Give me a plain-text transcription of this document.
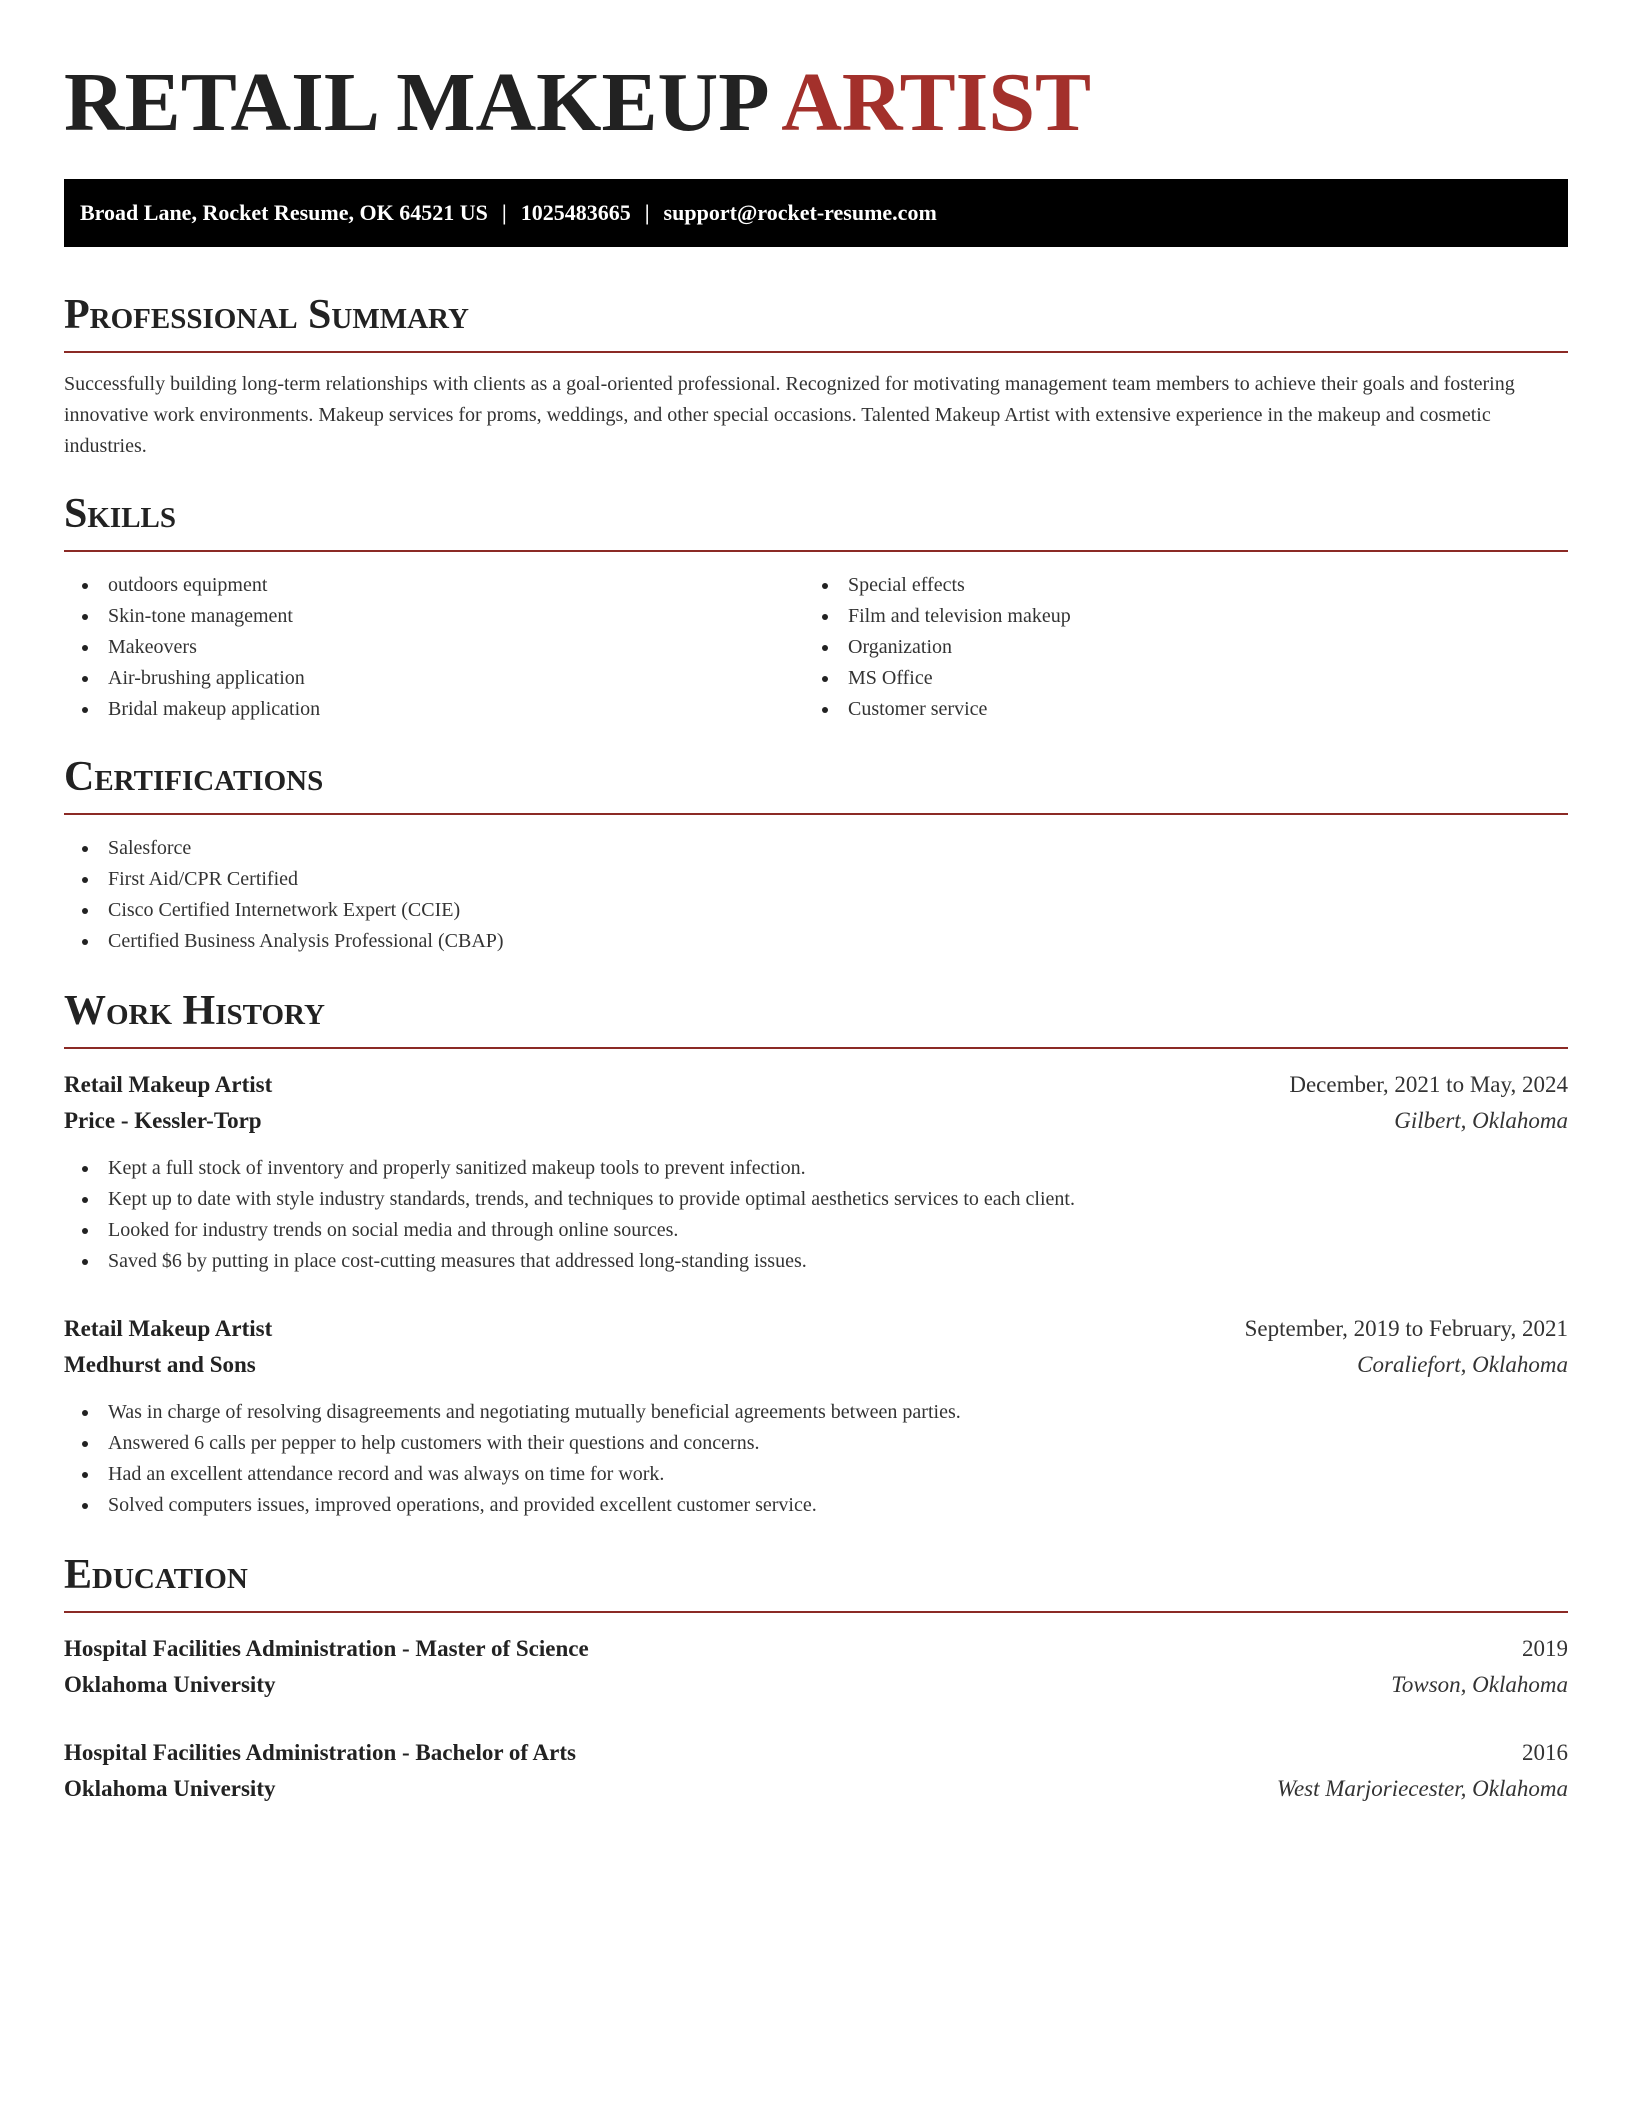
RETAIL MAKEUP ARTIST
Broad Lane, Rocket Resume, OK 64521 US | 1025483665 | support@rocket-resume.com
Professional Summary

Successfully building long-term relationships with clients as a goal-oriented professional. Recognized for motivating management team members to achieve their goals and fostering innovative work environments. Makeup services for proms, weddings, and other special occasions. Talented Makeup Artist with extensive experience in the makeup and cosmetic industries.

Skills
outdoors equipment
Skin-tone management
Makeovers
Air-brushing application
Bridal makeup application
Special effects
Film and television makeup
Organization
MS Office
Customer service
Certifications
Salesforce
First Aid/CPR Certified
Cisco Certified Internetwork Expert (CCIE)
Certified Business Analysis Professional (CBAP)
Work History
Retail Makeup Artist	December, 2021 to May, 2024
Price - Kessler-Torp	Gilbert, Oklahoma
Kept a full stock of inventory and properly sanitized makeup tools to prevent infection.
Kept up to date with style industry standards, trends, and techniques to provide optimal aesthetics services to each client.
Looked for industry trends on social media and through online sources.
Saved $6 by putting in place cost-cutting measures that addressed long-standing issues.
Retail Makeup Artist	September, 2019 to February, 2021
Medhurst and Sons	Coraliefort, Oklahoma
Was in charge of resolving disagreements and negotiating mutually beneficial agreements between parties.
Answered 6 calls per pepper to help customers with their questions and concerns.
Had an excellent attendance record and was always on time for work.
Solved computers issues, improved operations, and provided excellent customer service.
Education
Hospital Facilities Administration - Master of Science	2019
Oklahoma University	Towson, Oklahoma
Hospital Facilities Administration - Bachelor of Arts	2016
Oklahoma University	West Marjoriecester, Oklahoma
